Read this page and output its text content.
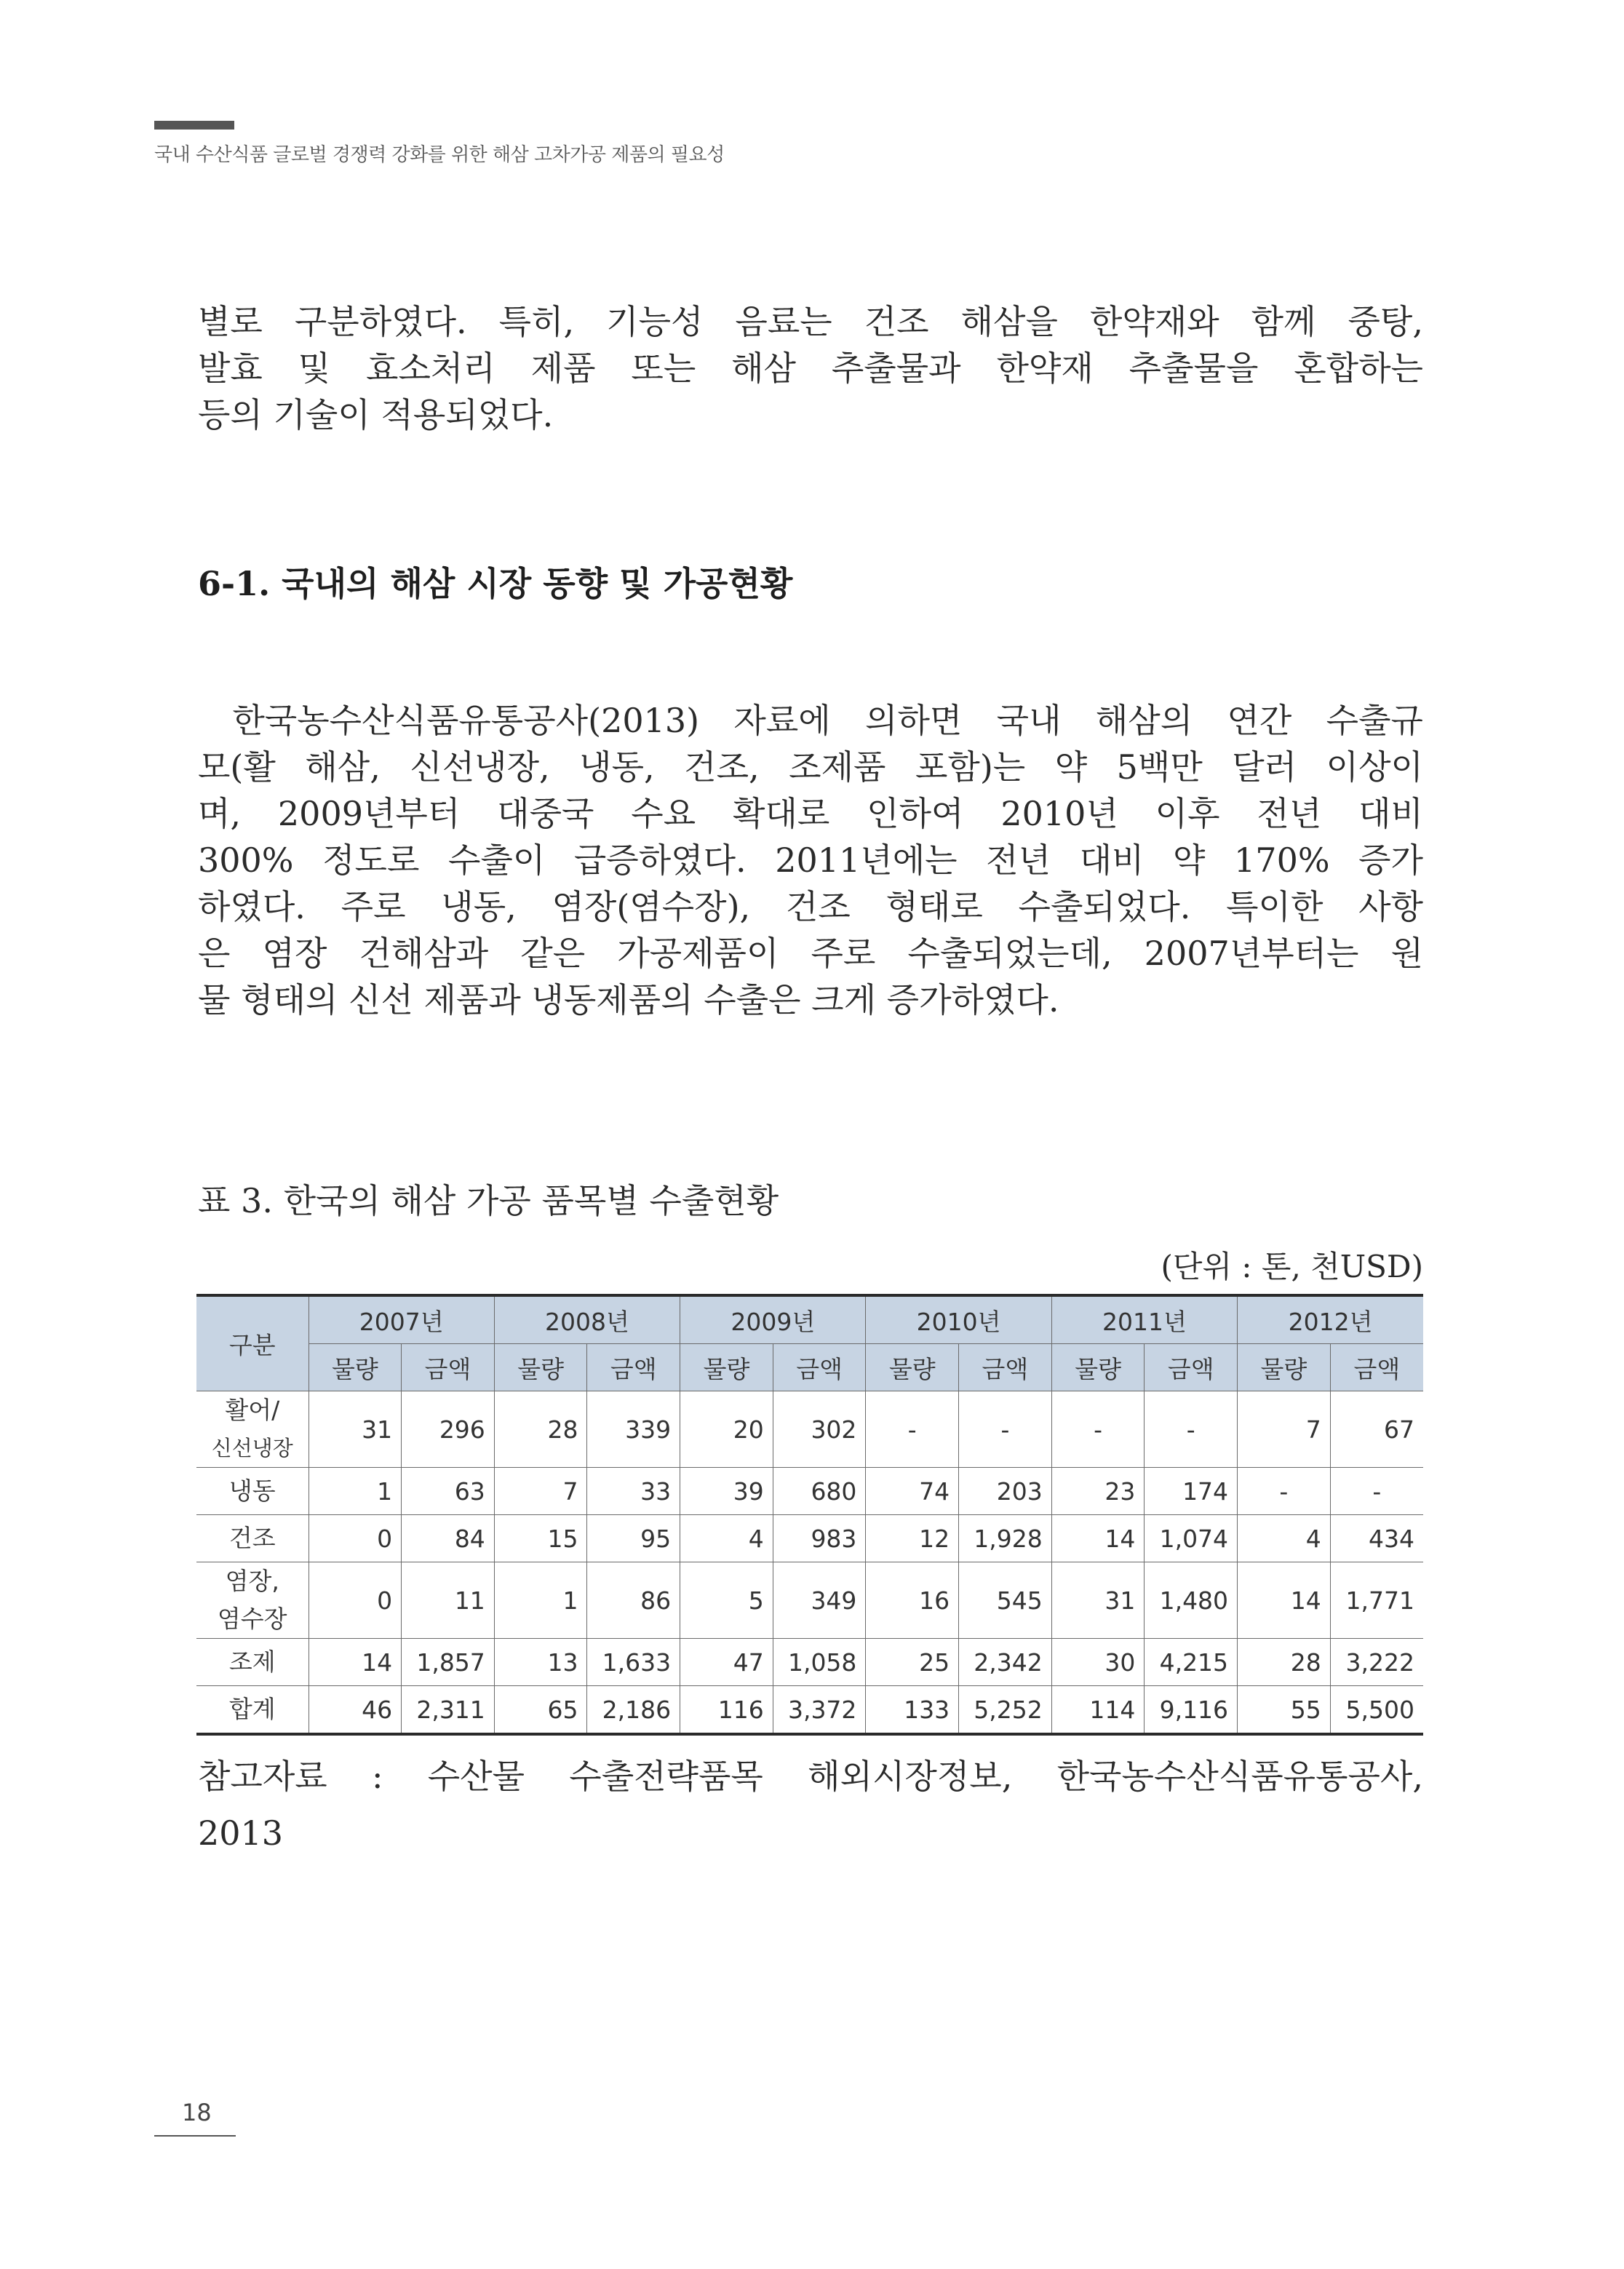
국내 수산식품 글로벌 경쟁력 강화를 위한 해삼 고차가공 제품의 필요성
별로 구분하였다. 특히, 기능성 음료는 건조 해삼을 한약재와 함께 중탕,
발효 및 효소처리 제품 또는 해삼 추출물과 한약재 추출물을 혼합하는
등의 기술이 적용되었다.
6-1. 국내의 해삼 시장 동향 및 가공현황
한국농수산식품유통공사(2013) 자료에 의하면 국내 해삼의 연간 수출규
모(활 해삼, 신선냉장, 냉동, 건조, 조제품 포함)는 약 5백만 달러 이상이
며, 2009년부터 대중국 수요 확대로 인하여 2010년 이후 전년 대비
300% 정도로 수출이 급증하였다. 2011년에는 전년 대비 약 170% 증가
하였다. 주로 냉동, 염장(염수장), 건조 형태로 수출되었다. 특이한 사항
은 염장 건해삼과 같은 가공제품이 주로 수출되었는데, 2007년부터는 원
물 형태의 신선 제품과 냉동제품의 수출은 크게 증가하였다.
표 3. 한국의 해삼 가공 품목별 수출현황
(단위 : 톤, 천USD)
구분	2007년		2008년		2009년		2010년		2011년		2012년	
	물량	금액	물량	금액	물량	금액	물량	금액	물량	금액	물량	금액

활어/
신선냉장	31	296	28	339	20	302	-	-	-	-	7	67

냉동	1	63	7	33	39	680	74	203	23	174	-	-

건조	0	84	15	95	4	983	12	1,928	14	1,074	4	434

염장,
염수장	0	11	1	86	5	349	16	545	31	1,480	14	1,771

조제	14	1,857	13	1,633	47	1,058	25	2,342	30	4,215	28	3,222

합계	46	2,311	65	2,186	116	3,372	133	5,252	114	9,116	55	5,500
참고자료 : 수산물 수출전략품목 해외시장정보, 한국농수산식품유통공사,
2013
18
